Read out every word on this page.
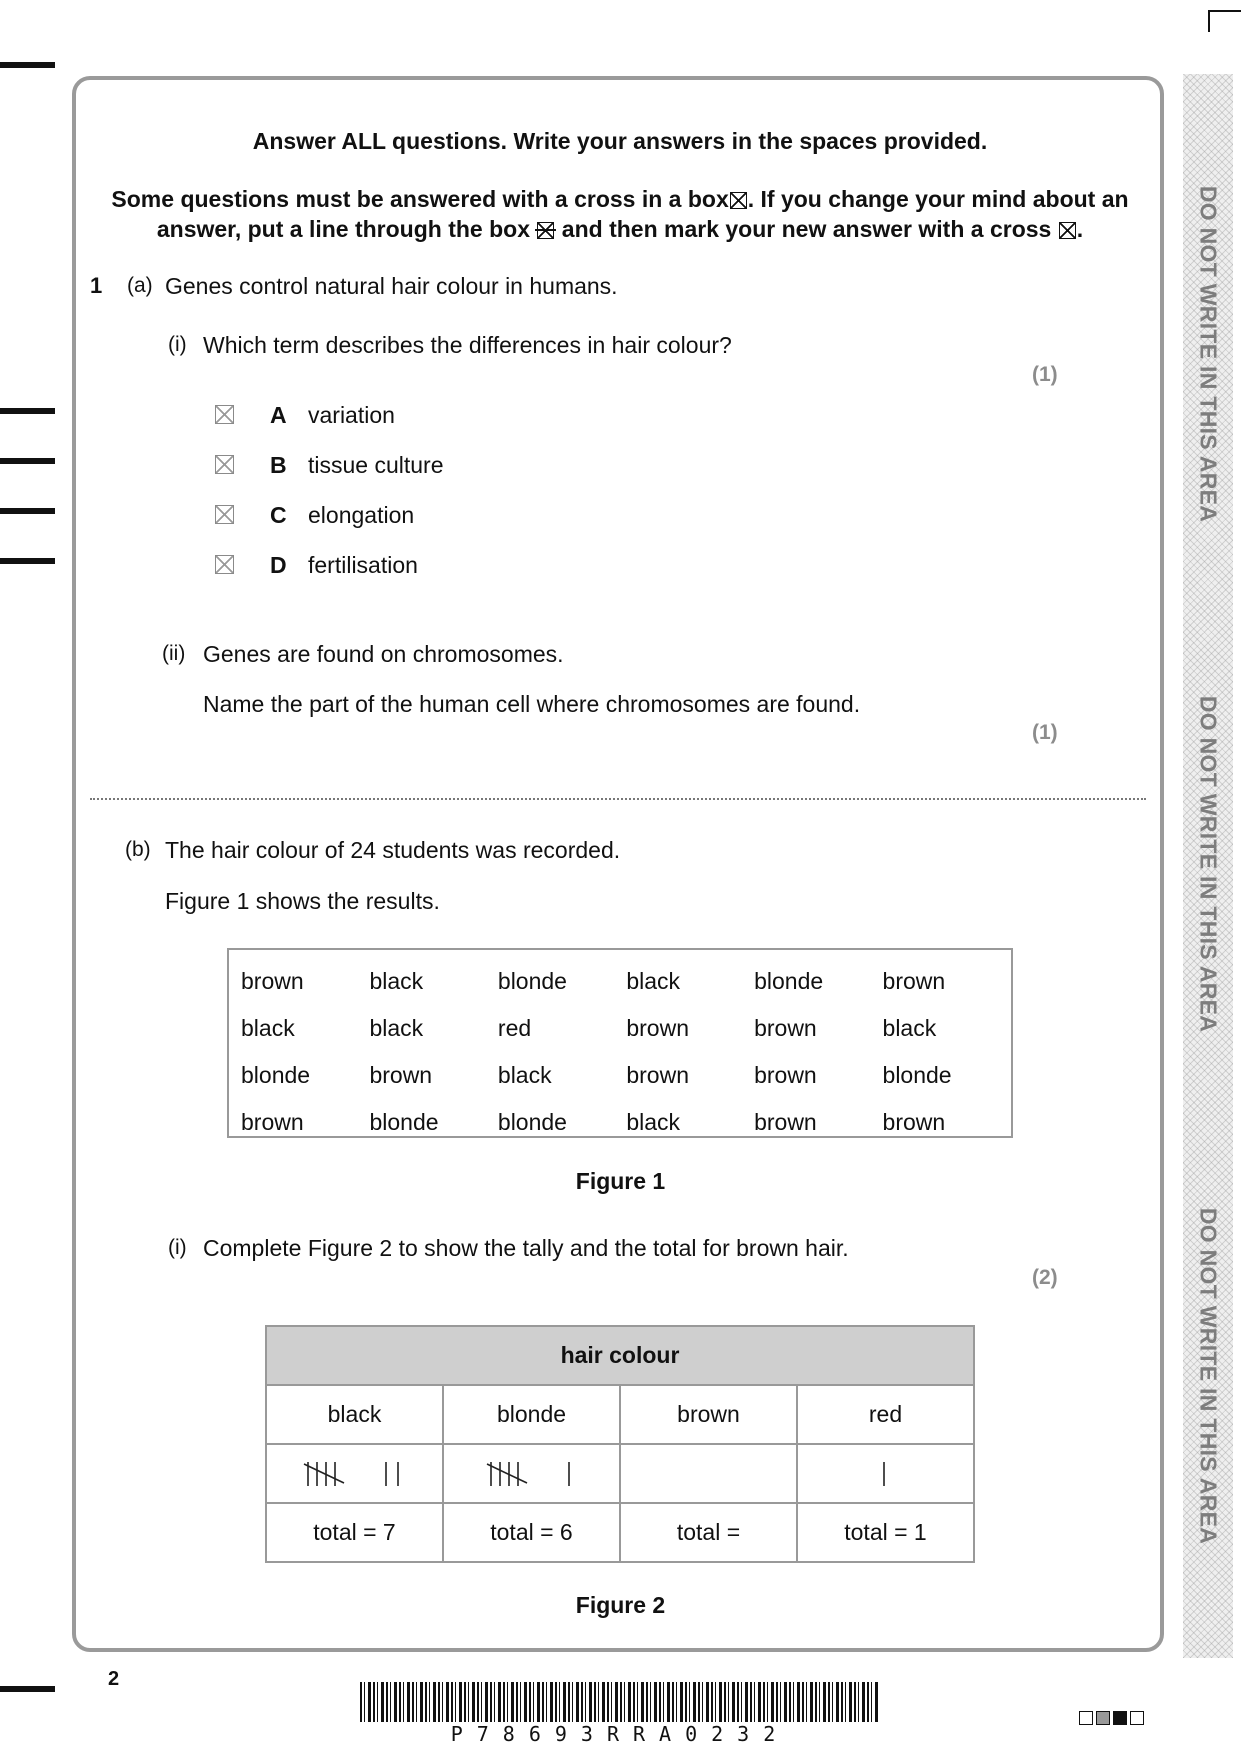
DO NOT WRITE IN THIS AREA
DO NOT WRITE IN THIS AREA
DO NOT WRITE IN THIS AREA
Answer ALL questions. Write your answers in the spaces provided.
Some questions must be answered with a cross in a box☒. If you change your mind about an answer, put a line through the box and then mark your new answer with a cross ☒.
1 (a) Genes control natural hair colour in humans.
(i) Which term describes the differences in hair colour?
(1)
A variation
B tissue culture
C elongation
D fertilisation
(ii) Genes are found on chromosomes.
Name the part of the human cell where chromosomes are found.
(1)
(b) The hair colour of 24 students was recorded.
Figure 1 shows the results.
brown	black	blonde	black	blonde	brown
black	black	red	brown	brown	black
blonde	brown	black	brown	brown	blonde
brown	blonde	blonde	black	brown	brown
Figure 1
(i) Complete Figure 2 to show the tally and the total for brown hair.
(2)
hair colour			
black	blonde	brown	red

total = 7	total = 6	total =	total = 1
Figure 2
2
P78693RRA0232
